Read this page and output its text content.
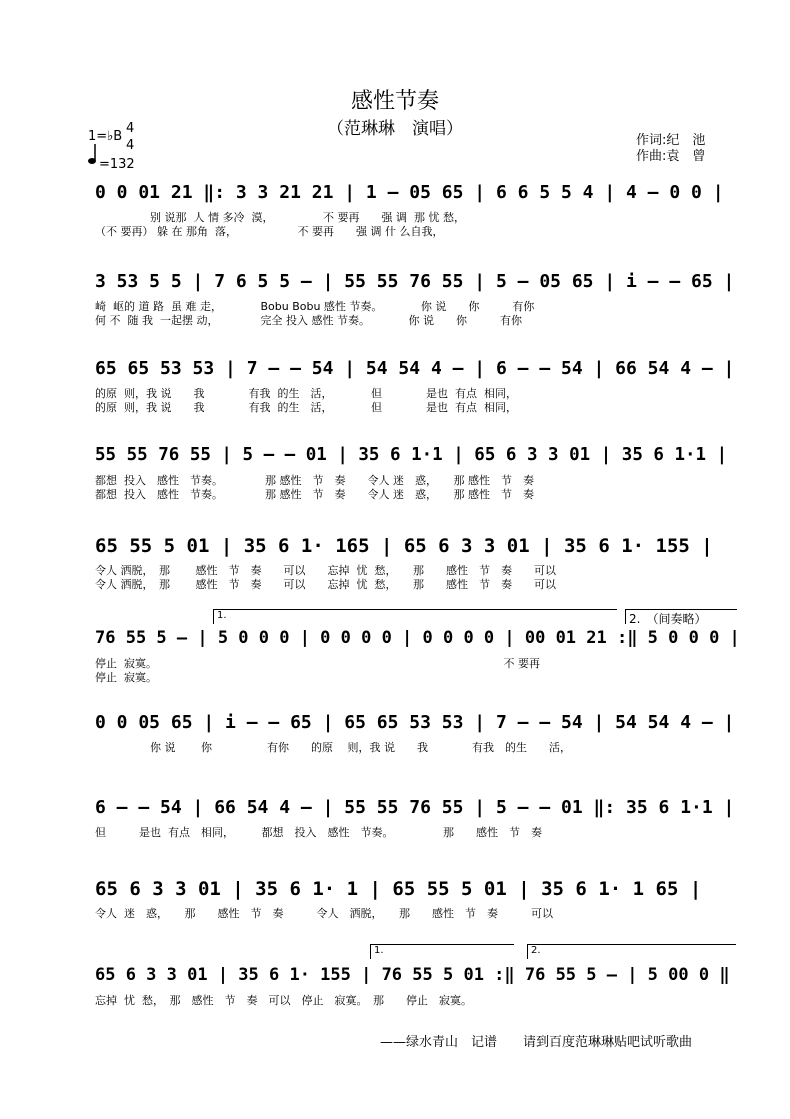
感性节奏
（范琳琳　演唱）
作词:纪　池
作曲:袁　曾
1=♭B
4
4
=132
0 0 01 21 ‖: 3 3 21 21 | 1 – 05 65 | 6 6 5 5 4 | 4 – 0 0 |
　　　　　别 说那  人 情 多冷  漠，　　　　　不 要再　　强 调  那 忧 愁，
（不 要再） 躲 在 那角  落，　　　　　　不 要再　　强 调 什 么自我，
3 53 5 5 | 7 6 5 5 – | 55 55 76 55 | 5 – 05 65 | i – – 65 |
崎  岖的 道 路  虽 难 走，　　　　Bobu Bobu 感性 节奏。　　　　你 说　　你　　　有你
何 不  随 我  一起摆 动，　　　　 完全 投入 感性 节奏。　　　　你 说　　你　　　有你
65 65 53 53 | 7 – – 54 | 54 54 4 – | 6 – – 54 | 66 54 4 – |
的原  则，我 说　　我　　　　有我  的生　活，　　　　但　　　　是也  有点  相同，
的原  则，我 说　　我　　　　有我  的生　活，　　　　但　　　　是也  有点  相同，
55 55 76 55 | 5 – – 01 | 35 6 1·1 | 65 6 3 3 01 | 35 6 1·1 |
都想  投入　感性　节奏。　　　　 那 感性　节　奏　　令人 迷　惑，　　那 感性　节　奏
都想  投入　感性　节奏。　　　　 那 感性　节　奏　　令人 迷　惑，　　那 感性　节　奏
65 55 5 01 | 35 6 1· 165 | 65 6 3 3 01 | 35 6 1· 155 |
令人 洒脱，　那　　 感性　节　奏　　可以　　忘掉  忧  愁，　　那　　感性　节　奏　　可以
令人 洒脱，　那　　 感性　节　奏　　可以　　忘掉  忧  愁，　　那　　感性　节　奏　　可以
1.	2.　（间奏略）
76 55 5 – | 5 0 0 0 | 0 0 0 0 | 0 0 0 0 | 00 01 21 :‖ 5 0 0 0 |
停止  寂寞。　　　　　　　　　　　　　　　　　　　　　　　　　　　　　　　　不 要再
停止  寂寞。
0 0 05 65 | i – – 65 | 65 65 53 53 | 7 – – 54 | 54 54 4 – |
　　　　　你 说　　 你　　　　　有你　　的原　 则，我 说　　我　　　　有我　的生　　活，
6 – – 54 | 66 54 4 – | 55 55 76 55 | 5 – – 01 ‖: 35 6 1·1 |
但　　　是也  有点　相同，　　　都想　投入　感性　节奏。　　　　　那　　感性　节　奏
65 6 3 3 01 | 35 6 1· 1 | 65 55 5 01 | 35 6 1· 1 65 |
令人  迷　惑，　　那　　感性　节　奏　　　令人　洒脱，　　那　　感性　节　奏　　　可以
1.	2.
65 6 3 3 01 | 35 6 1· 155 | 76 55 5 01 :‖ 76 55 5 – | 5 00 0 ‖
忘掉  忧  愁，　那　感性　节　奏　可以　停止　寂寞。　那　　停止　寂寞。
——绿水青山　记谱　　请到百度范琳琳贴吧试听歌曲
